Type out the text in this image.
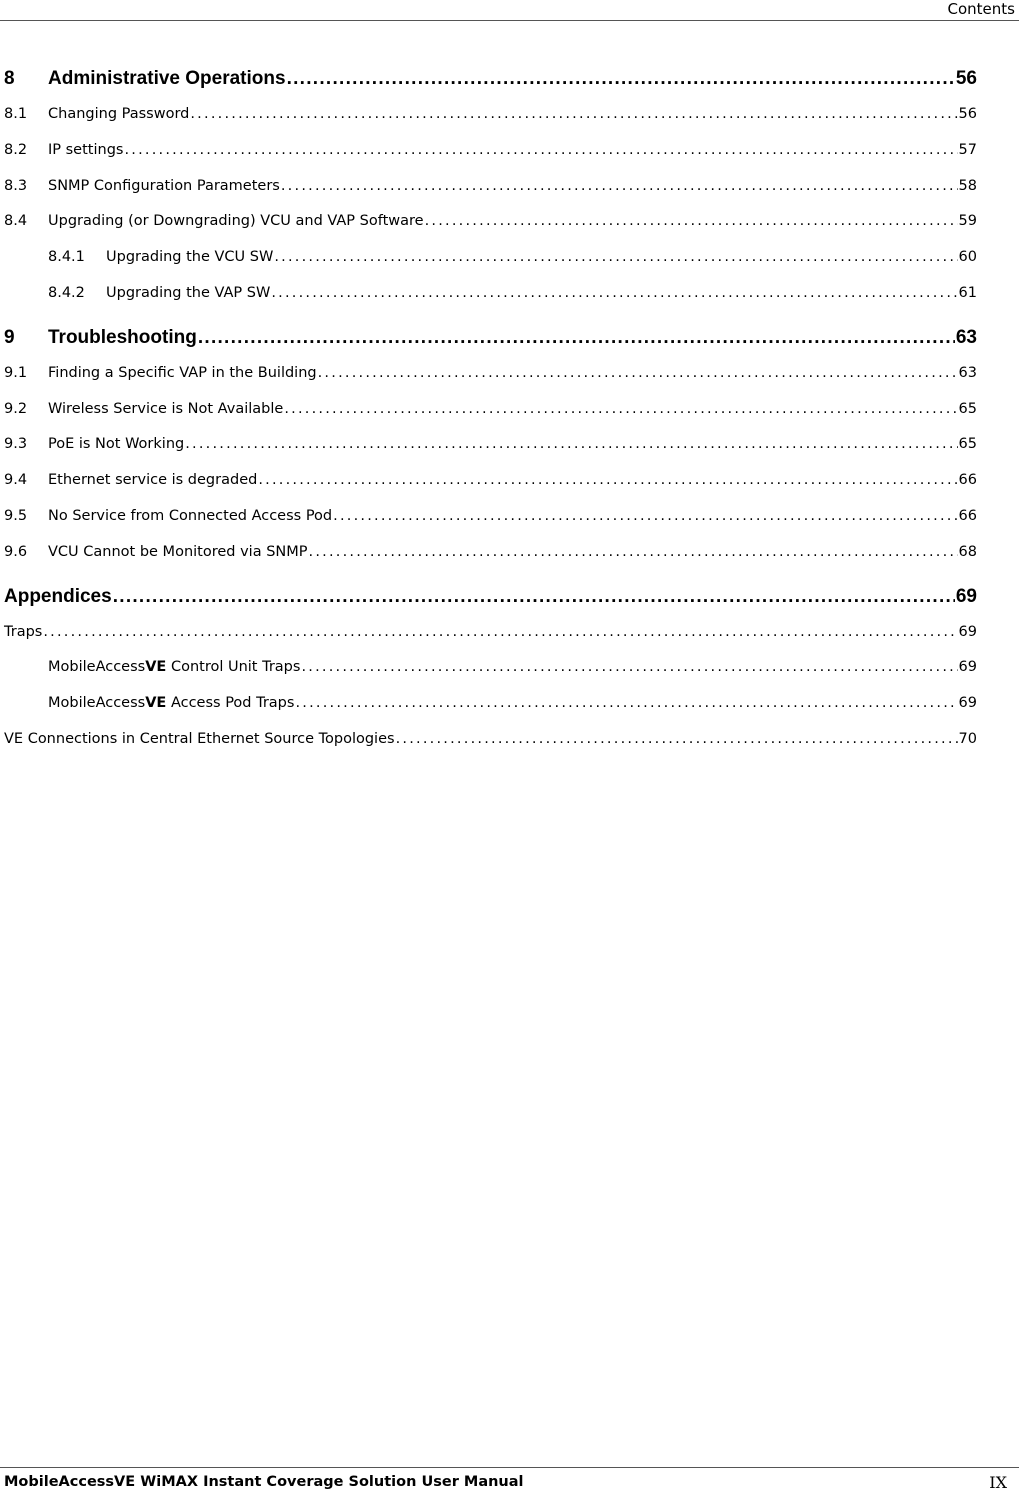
Contents
8	Administrative Operations . . .	56
8.1	Changing Password . . .	56
8.2	IP settings . . .	57
8.3	SNMP Configuration Parameters . . .	58
8.4	Upgrading (or Downgrading) VCU and VAP Software . . .	59
8.4.1	Upgrading the VCU SW . . .	60
8.4.2	Upgrading the VAP SW . . .	61
9	Troubleshooting . . .	63
9.1	Finding a Specific VAP in the Building . . .	63
9.2	Wireless Service is Not Available . . .	65
9.3	PoE is Not Working . . .	65
9.4	Ethernet service is degraded . . .	66
9.5	No Service from Connected Access Pod . . .	66
9.6	VCU Cannot be Monitored via SNMP . . .	68
Appendices . . .	69
Traps . . .	69
MobileAccess VE Control Unit Traps . . .	69
MobileAccess VE Access Pod Traps . . .	69
VE Connections in Central Ethernet Source Topologies . . .	70
MobileAccessVE WiMAX Instant Coverage Solution User Manual	IX
